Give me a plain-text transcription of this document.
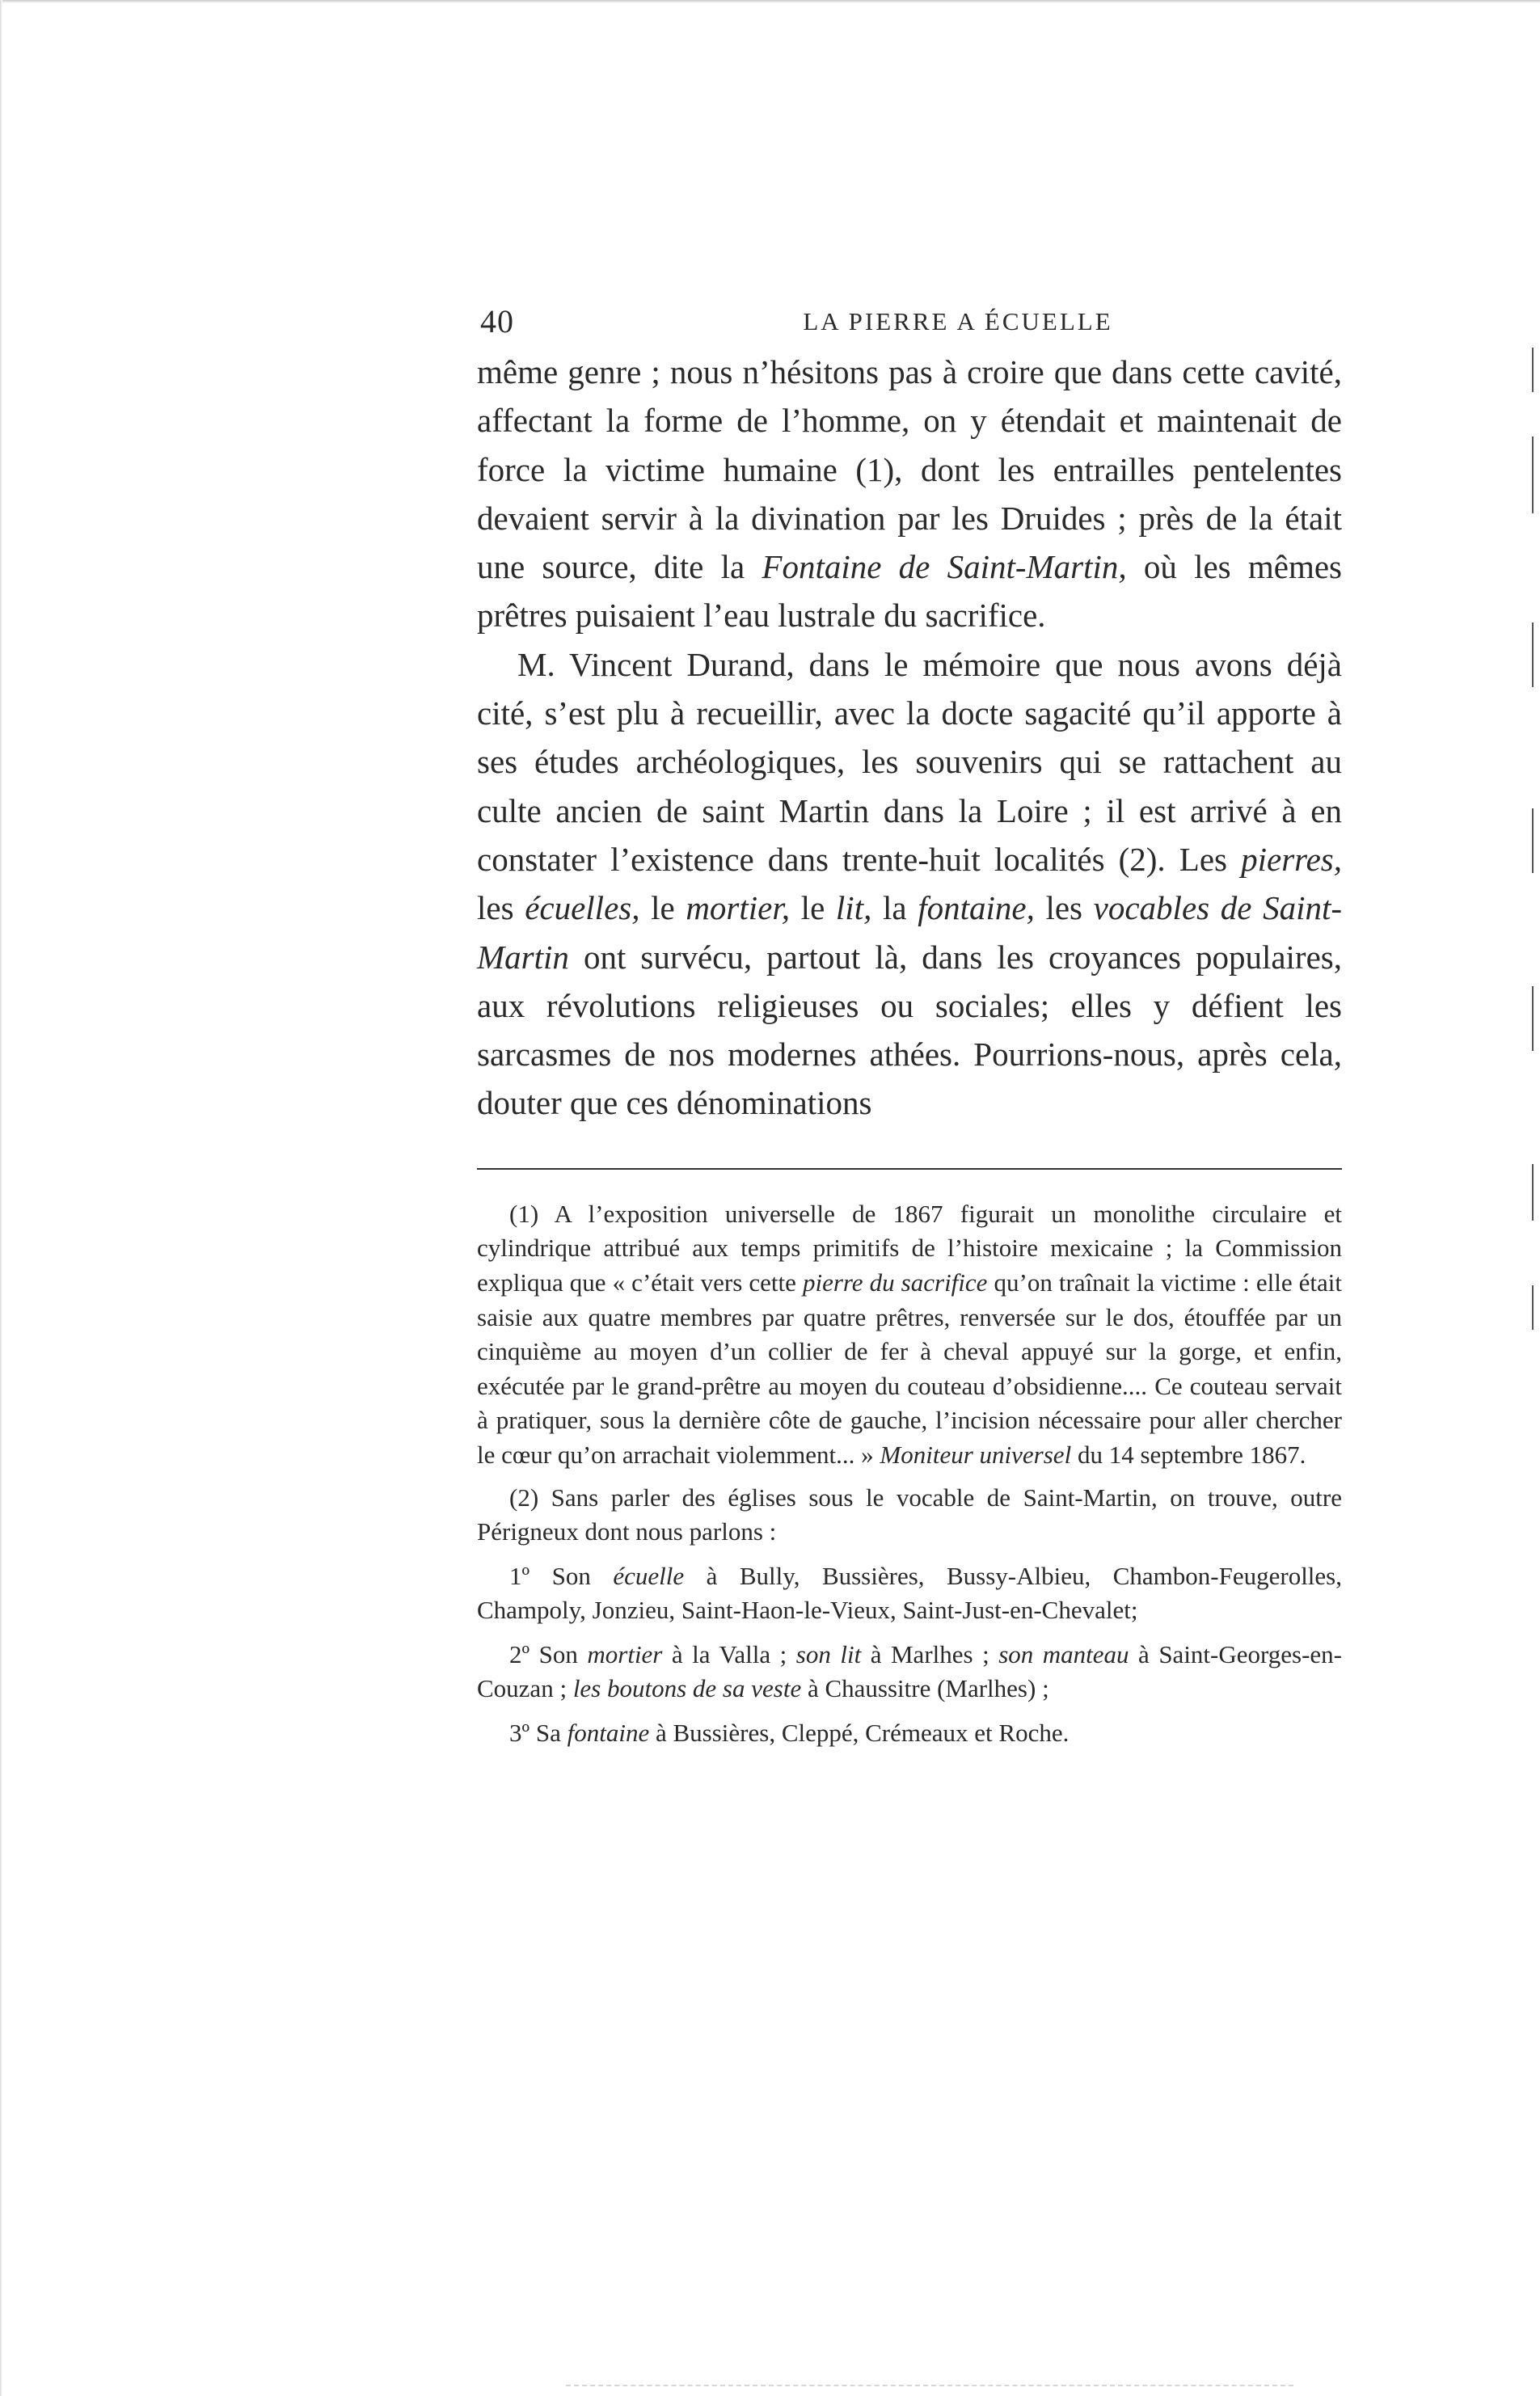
40	LA PIERRE A ÉCUELLE

même genre ; nous n’hésitons pas à croire que dans cette cavité, affectant la forme de l’homme, on y étendait et maintenait de force la victime humaine (1), dont les entrailles pentelentes devaient servir à la divination par les Druides ; près de la était une source, dite la Fontaine de Saint-Martin, où les mêmes prêtres puisaient l’eau lustrale du sacrifice.

M. Vincent Durand, dans le mémoire que nous avons déjà cité, s’est plu à recueillir, avec la docte sagacité qu’il apporte à ses études archéologiques, les souvenirs qui se rattachent au culte ancien de saint Martin dans la Loire ; il est arrivé à en constater l’existence dans trente-huit localités (2). Les pierres, les écuelles, le mortier, le lit, la fontaine, les vocables de Saint-Martin ont survécu, partout là, dans les croyances populaires, aux révolutions religieuses ou sociales; elles y défient les sarcasmes de nos modernes athées. Pourrions-nous, après cela, douter que ces dénominations

(1) A l’exposition universelle de 1867 figurait un monolithe circulaire et cylindrique attribué aux temps primitifs de l’histoire mexicaine ; la Commission expliqua que « c’était vers cette pierre du sacrifice qu’on traînait la victime : elle était saisie aux quatre membres par quatre prêtres, renversée sur le dos, étouffée par un cinquième au moyen d’un collier de fer à cheval appuyé sur la gorge, et enfin, exécutée par le grand-prêtre au moyen du couteau d’obsidienne.... Ce couteau servait à pratiquer, sous la dernière côte de gauche, l’incision nécessaire pour aller chercher le cœur qu’on arrachait violemment... » Moniteur universel du 14 septembre 1867.

(2) Sans parler des églises sous le vocable de Saint-Martin, on trouve, outre Périgneux dont nous parlons :

1º Son écuelle à Bully, Bussières, Bussy-Albieu, Chambon-Feugerolles, Champoly, Jonzieu, Saint-Haon-le-Vieux, Saint-Just-en-Chevalet;

2º Son mortier à la Valla ; son lit à Marlhes ; son manteau à Saint-Georges-en-Couzan ; les boutons de sa veste à Chaussitre (Marlhes) ;

3º Sa fontaine à Bussières, Cleppé, Crémeaux et Roche.
